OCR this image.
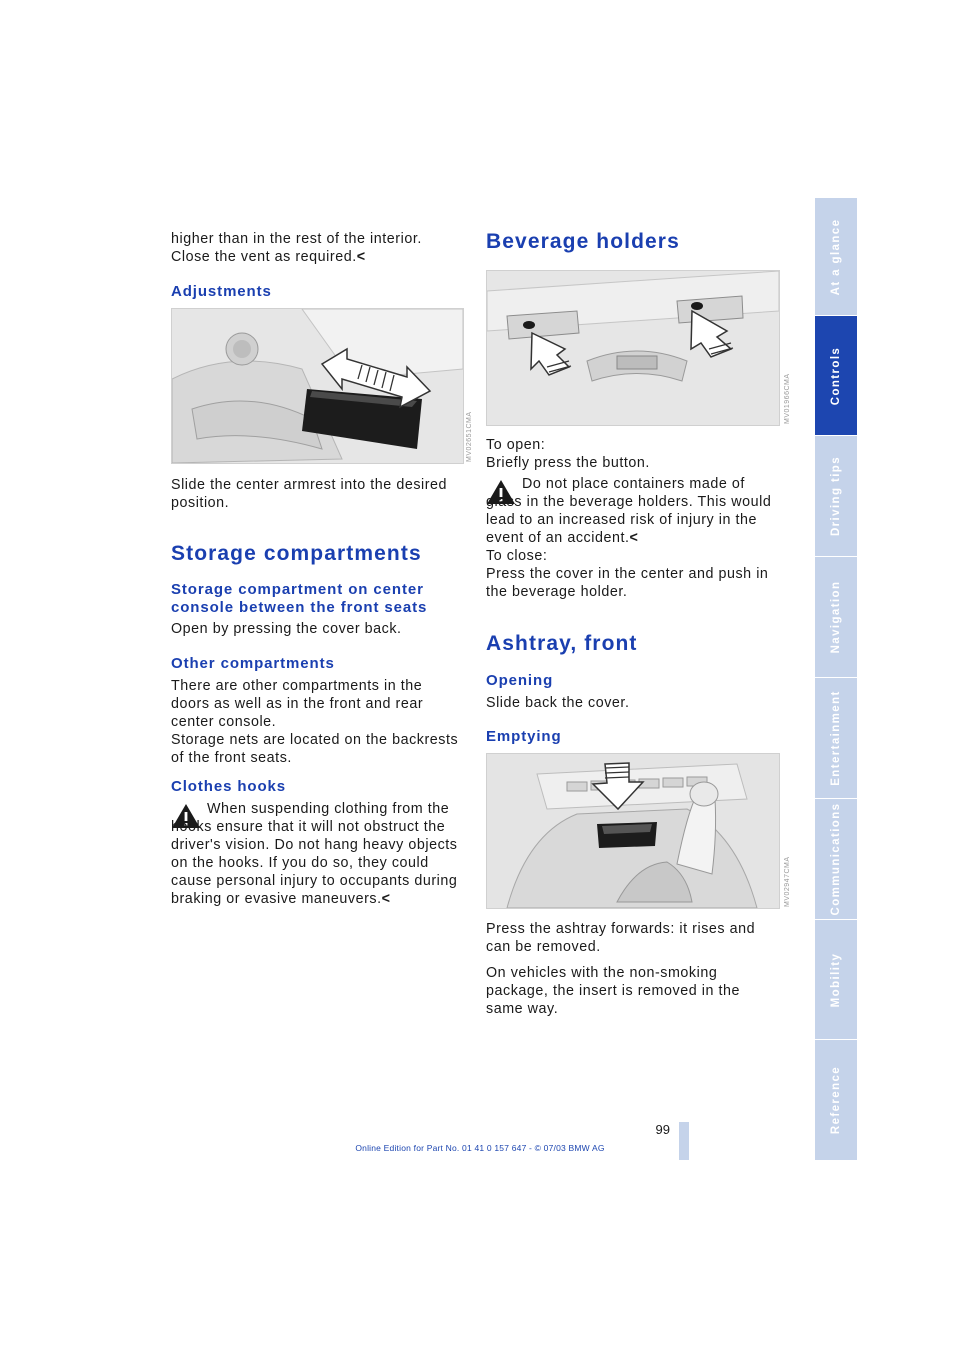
higher than in the rest of the interior. Close the vent as required.<

Adjustments
MV02651CMA

Slide the center armrest into the desired position.

Storage compartments
Storage compartment on center console between the front seats

Open by pressing the cover back.

Other compartments

There are other compartments in the doors as well as in the front and rear center console.

Storage nets are located on the backrests of the front seats.

Clothes hooks

When suspending clothing from the hooks ensure that it will not obstruct the driver's vision. Do not hang heavy objects on the hooks. If you do so, they could cause personal injury to occupants during braking or evasive maneuvers.<

Beverage holders
MV01966CMA

To open:

Briefly press the button.

Do not place containers made of glass in the beverage holders. This would lead to an increased risk of injury in the event of an accident.<

To close:

Press the cover in the center and push in the beverage holder.

Ashtray, front
Opening

Slide back the cover.

Emptying
MV02947CMA

Press the ashtray forwards: it rises and can be removed.

On vehicles with the non-smoking package, the insert is removed in the same way.

At a glance
Controls
Driving tips
Navigation
Entertainment
Communications
Mobility
Reference
99
Online Edition for Part No. 01 41 0 157 647 - © 07/03 BMW AG
